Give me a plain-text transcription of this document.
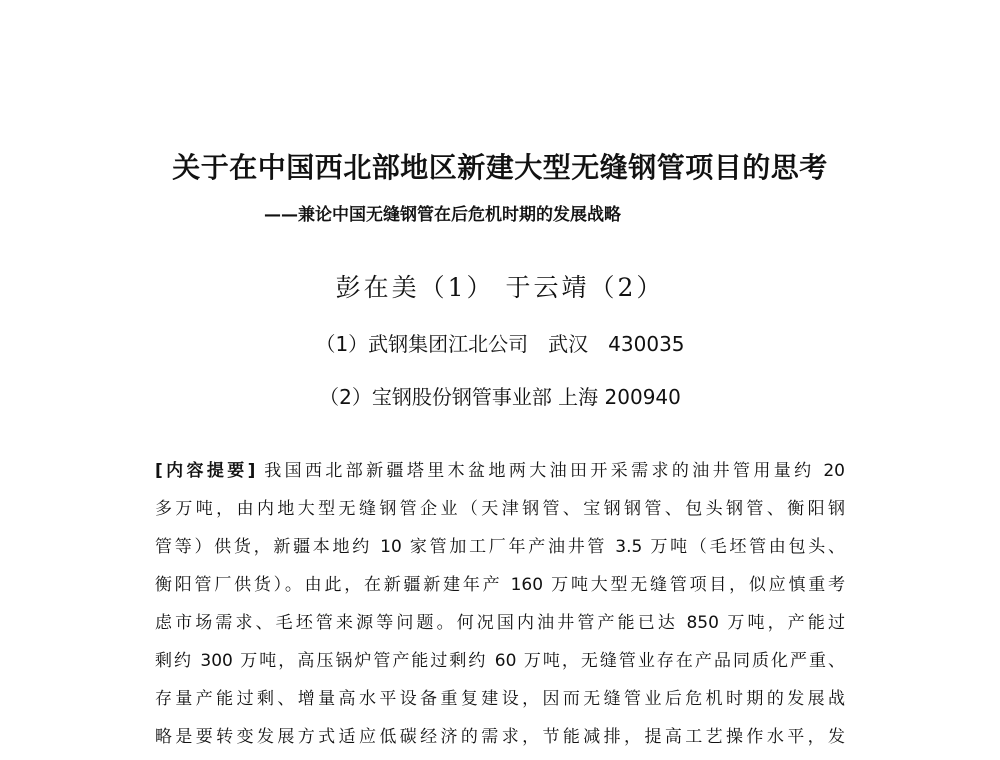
关于在中国西北部地区新建大型无缝钢管项目的思考
——兼论中国无缝钢管在后危机时期的发展战略
彭在美（1） 于云靖（2）
（1）武钢集团江北公司　武汉　430035
（2）宝钢股份钢管事业部 上海 200940
[内容提要] 我国西北部新疆塔里木盆地两大油田开采需求的油井管用量约 20
多万吨，由内地大型无缝钢管企业（天津钢管、宝钢钢管、包头钢管、衡阳钢
管等）供货，新疆本地约 10 家管加工厂年产油井管 3.5 万吨（毛坯管由包头、
衡阳管厂供货）。由此，在新疆新建年产 160 万吨大型无缝管项目，似应慎重考
虑市场需求、毛坯管来源等问题。何况国内油井管产能已达 850 万吨，产能过
剩约 300 万吨，高压锅炉管产能过剩约 60 万吨，无缝管业存在产品同质化严重、
存量产能过剩、增量高水平设备重复建设，因而无缝管业后危机时期的发展战
略是要转变发展方式适应低碳经济的需求，节能减排，提高工艺操作水平，发
